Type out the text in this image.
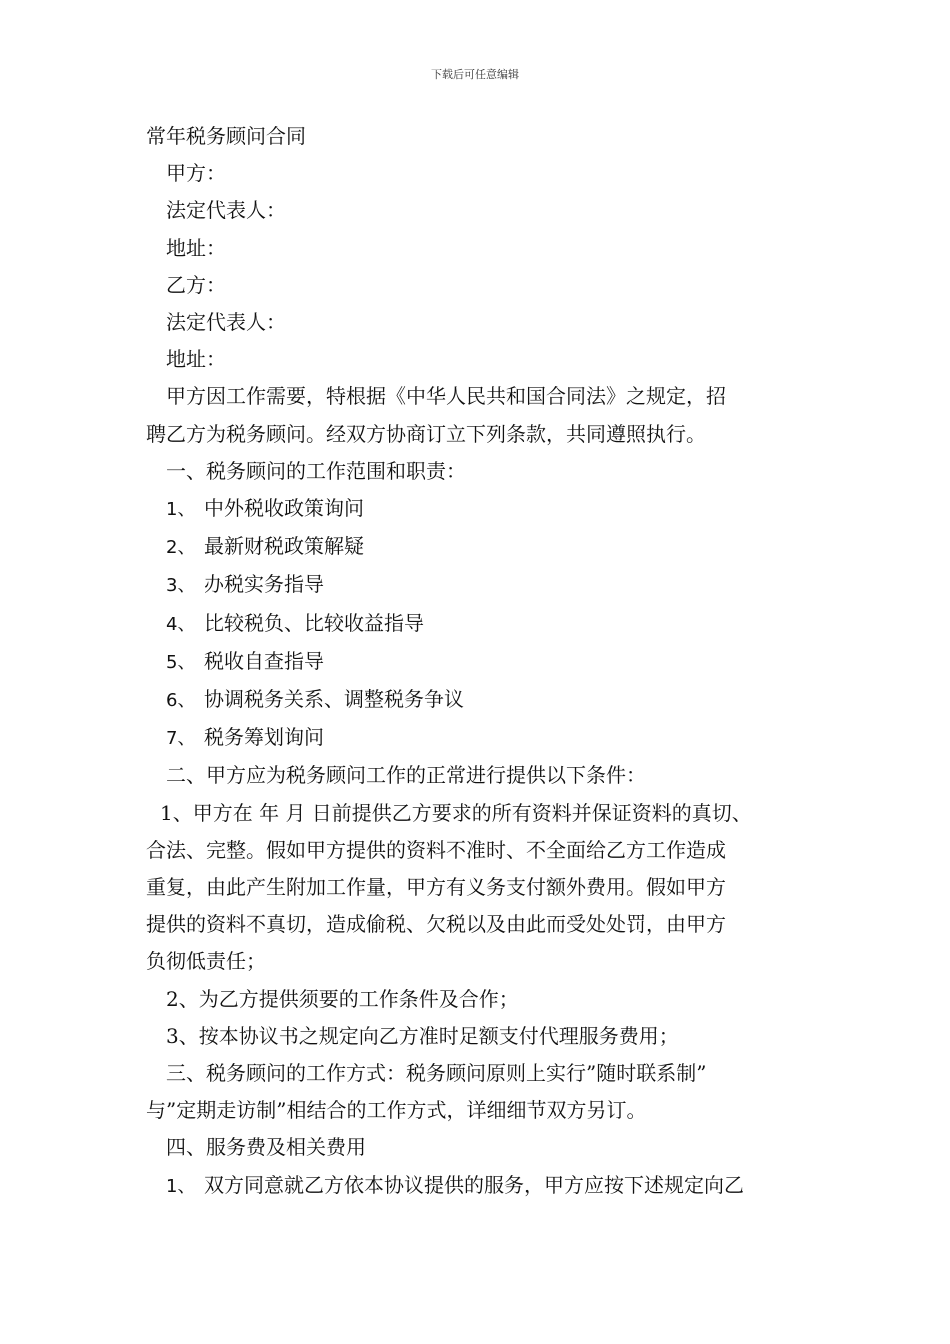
下载后可任意编辑
常年税务顾问合同
甲方：
法定代表人：
地址：
乙方：
法定代表人：
地址：
甲方因工作需要，特根据《中华人民共和国合同法》之规定，招
聘乙方为税务顾问。经双方协商订立下列条款，共同遵照执行。
一、税务顾问的工作范围和职责：
1、 中外税收政策询问
2、 最新财税政策解疑
3、 办税实务指导
4、 比较税负、比较收益指导
5、 税收自查指导
6、 协调税务关系、调整税务争议
7、 税务筹划询问
二、甲方应为税务顾问工作的正常进行提供以下条件：
1、甲方在 年 月 日前提供乙方要求的所有资料并保证资料的真切、
合法、完整。假如甲方提供的资料不准时、不全面给乙方工作造成
重复，由此产生附加工作量，甲方有义务支付额外费用。假如甲方
提供的资料不真切，造成偷税、欠税以及由此而受处处罚，由甲方
负彻低责任；
2、为乙方提供须要的工作条件及合作；
3、按本协议书之规定向乙方准时足额支付代理服务费用；
三、税务顾问的工作方式：税务顾问原则上实行”随时联系制”
与”定期走访制”相结合的工作方式，详细细节双方另订。
四、服务费及相关费用
1、 双方同意就乙方依本协议提供的服务，甲方应按下述规定向乙
